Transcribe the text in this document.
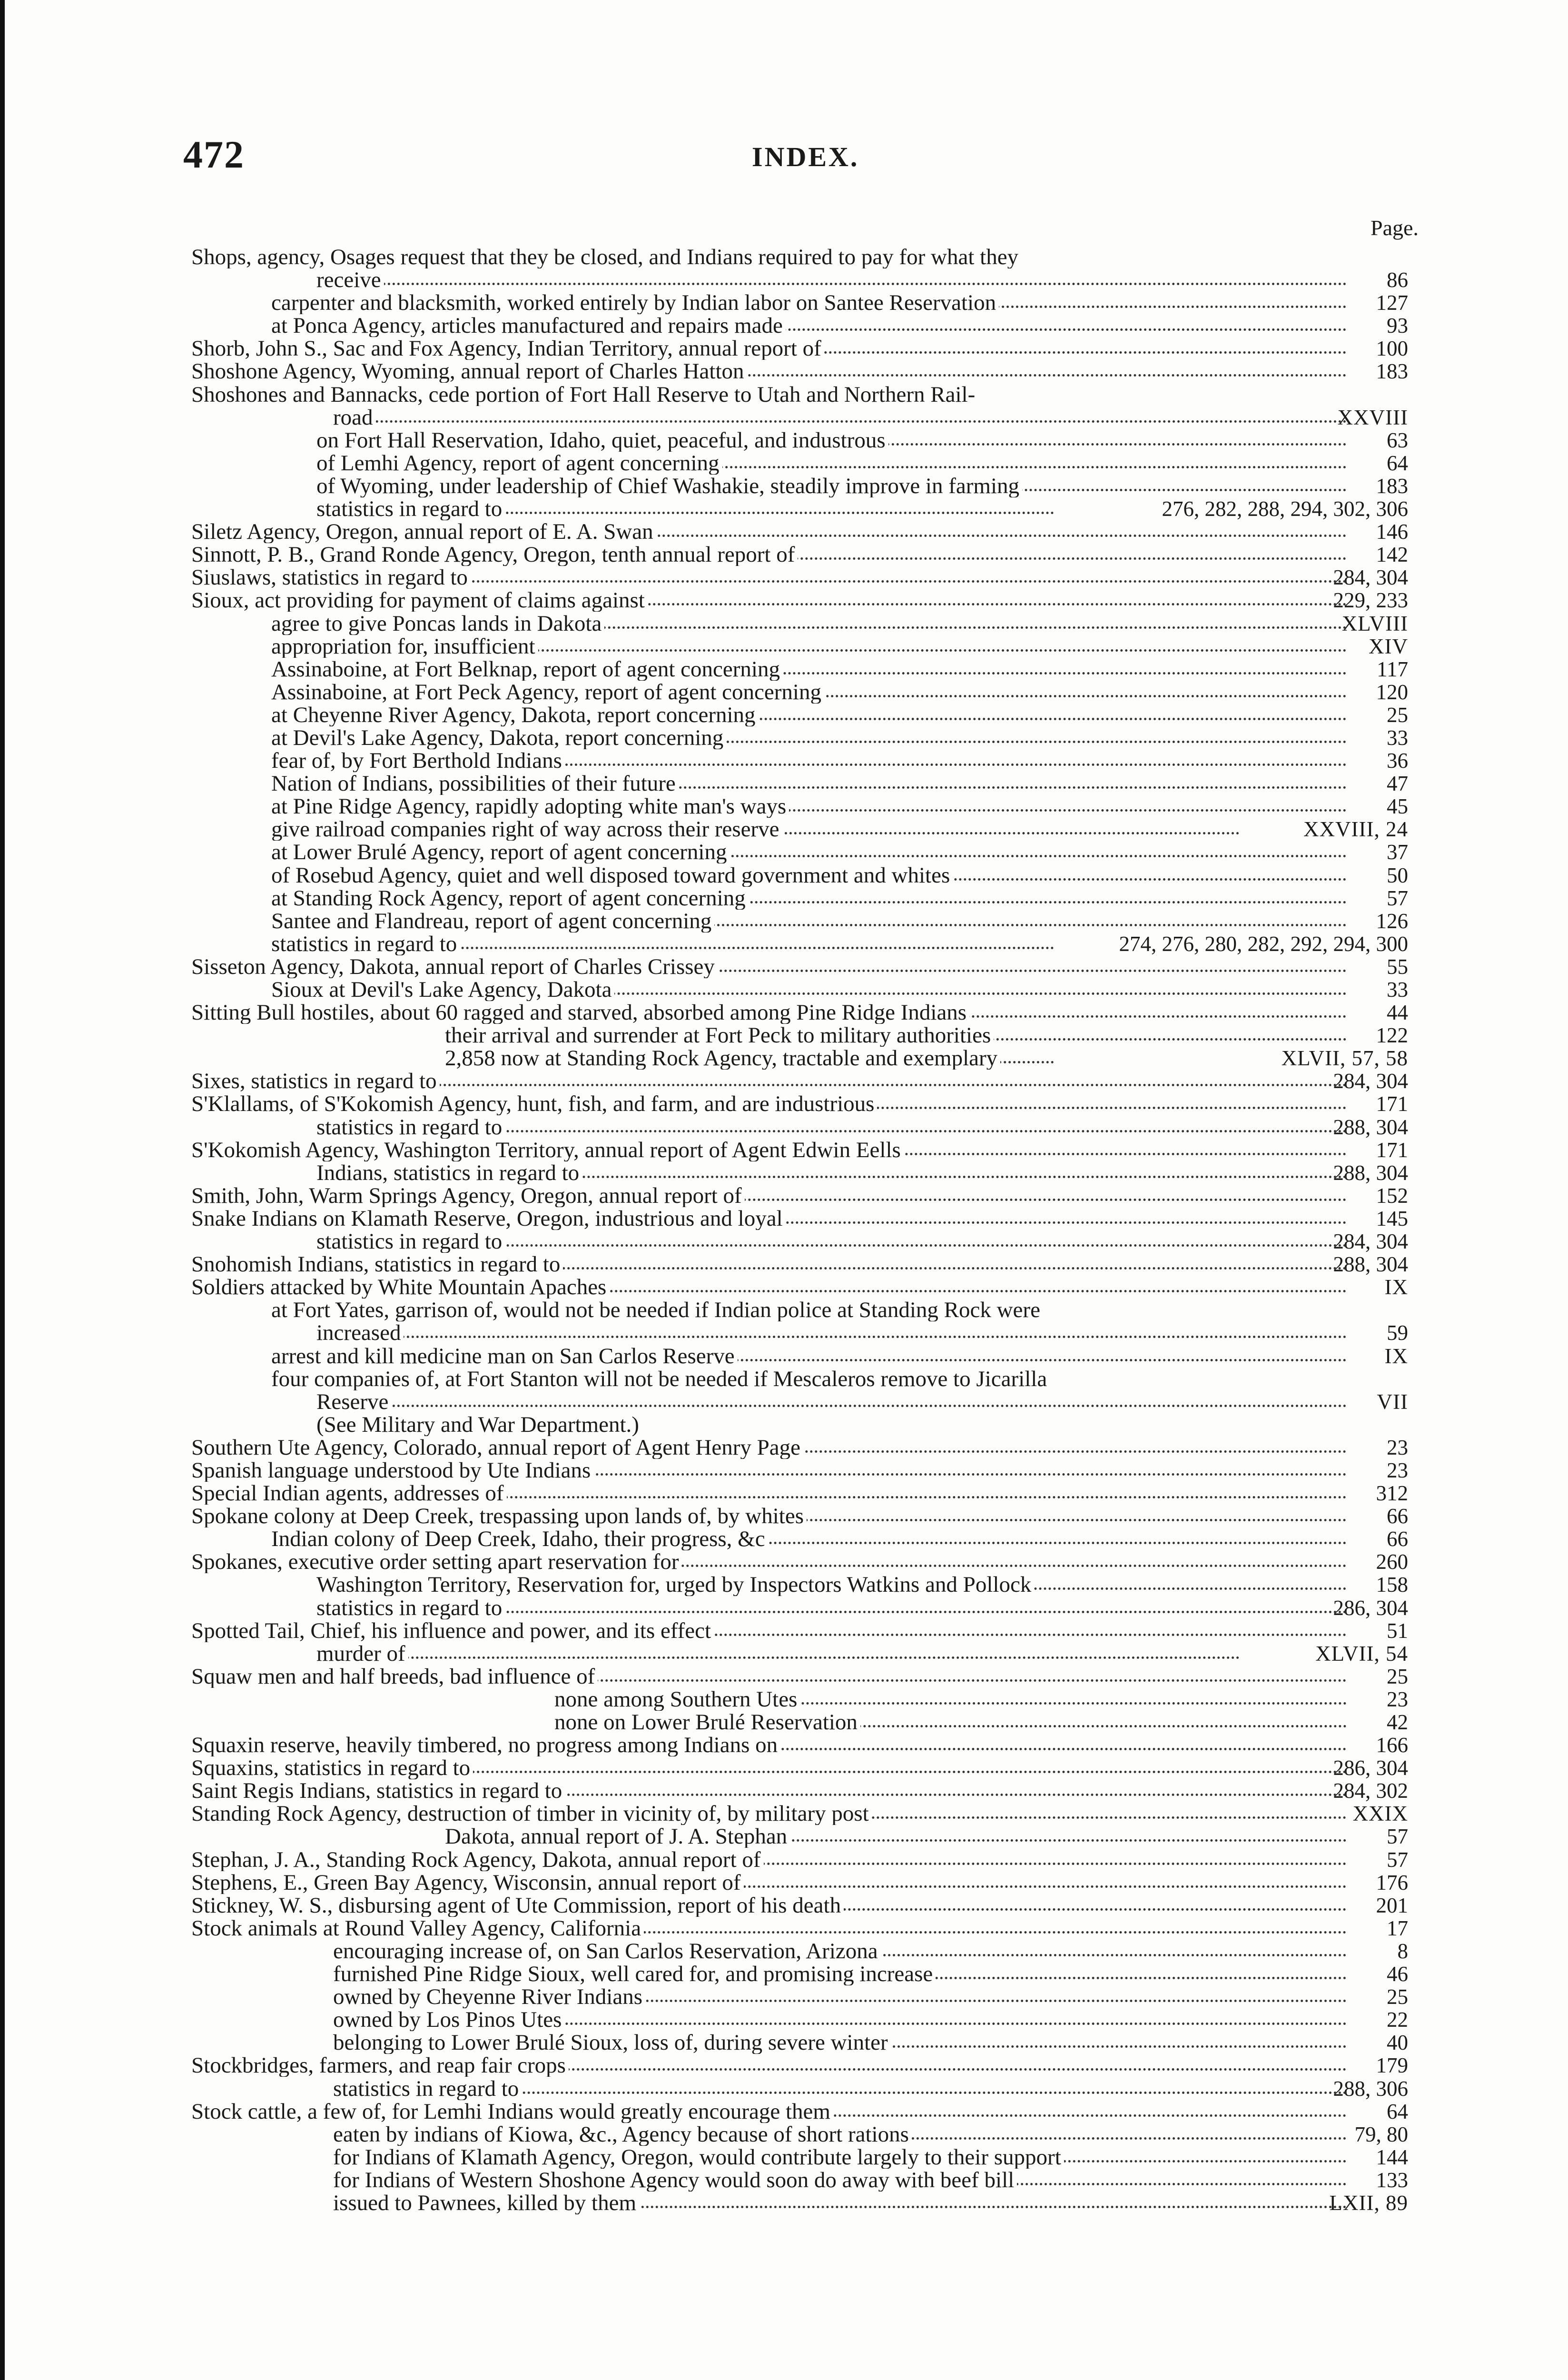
472	INDEX.
Page.
Shops, agency, Osages request that they be closed, and Indians required to pay for what they
receive	86
carpenter and blacksmith, worked entirely by Indian labor on Santee Reservation	127
at Ponca Agency, articles manufactured and repairs made	93
Shorb, John S., Sac and Fox Agency, Indian Territory, annual report of	100
Shoshone Agency, Wyoming, annual report of Charles Hatton	183
Shoshones and Bannacks, cede portion of Fort Hall Reserve to Utah and Northern Rail-
road	XXVIII
on Fort Hall Reservation, Idaho, quiet, peaceful, and industrous	63
of Lemhi Agency, report of agent concerning	64
of Wyoming, under leadership of Chief Washakie, steadily improve in farming	183
statistics in regard to	276, 282, 288, 294, 302, 306
Siletz Agency, Oregon, annual report of E. A. Swan	146
Sinnott, P. B., Grand Ronde Agency, Oregon, tenth annual report of	142
Siuslaws, statistics in regard to	284, 304
Sioux, act providing for payment of claims against	229, 233
agree to give Poncas lands in Dakota	XLVIII
appropriation for, insufficient	XIV
Assinaboine, at Fort Belknap, report of agent concerning	117
Assinaboine, at Fort Peck Agency, report of agent concerning	120
at Cheyenne River Agency, Dakota, report concerning	25
at Devil's Lake Agency, Dakota, report concerning	33
fear of, by Fort Berthold Indians	36
Nation of Indians, possibilities of their future	47
at Pine Ridge Agency, rapidly adopting white man's ways	45
give railroad companies right of way across their reserve	XXVIII, 24
at Lower Brulé Agency, report of agent concerning	37
of Rosebud Agency, quiet and well disposed toward government and whites	50
at Standing Rock Agency, report of agent concerning	57
Santee and Flandreau, report of agent concerning	126
statistics in regard to	274, 276, 280, 282, 292, 294, 300
Sisseton Agency, Dakota, annual report of Charles Crissey	55
Sioux at Devil's Lake Agency, Dakota	33
Sitting Bull hostiles, about 60 ragged and starved, absorbed among Pine Ridge Indians	44
their arrival and surrender at Fort Peck to military authorities	122
2,858 now at Standing Rock Agency, tractable and exemplary	XLVII, 57, 58
Sixes, statistics in regard to	284, 304
S'Klallams, of S'Kokomish Agency, hunt, fish, and farm, and are industrious	171
statistics in regard to	288, 304
S'Kokomish Agency, Washington Territory, annual report of Agent Edwin Eells	171
Indians, statistics in regard to	288, 304
Smith, John, Warm Springs Agency, Oregon, annual report of	152
Snake Indians on Klamath Reserve, Oregon, industrious and loyal	145
statistics in regard to	284, 304
Snohomish Indians, statistics in regard to	288, 304
Soldiers attacked by White Mountain Apaches	IX
at Fort Yates, garrison of, would not be needed if Indian police at Standing Rock were
increased	59
arrest and kill medicine man on San Carlos Reserve	IX
four companies of, at Fort Stanton will not be needed if Mescaleros remove to Jicarilla
Reserve	VII
(See Military and War Department.)
Southern Ute Agency, Colorado, annual report of Agent Henry Page	23
Spanish language understood by Ute Indians	23
Special Indian agents, addresses of	312
Spokane colony at Deep Creek, trespassing upon lands of, by whites	66
Indian colony of Deep Creek, Idaho, their progress, &c	66
Spokanes, executive order setting apart reservation for	260
Washington Territory, Reservation for, urged by Inspectors Watkins and Pollock	158
statistics in regard to	286, 304
Spotted Tail, Chief, his influence and power, and its effect	51
murder of	XLVII, 54
Squaw men and half breeds, bad influence of	25
none among Southern Utes	23
none on Lower Brulé Reservation	42
Squaxin reserve, heavily timbered, no progress among Indians on	166
Squaxins, statistics in regard to	286, 304
Saint Regis Indians, statistics in regard to	284, 302
Standing Rock Agency, destruction of timber in vicinity of, by military post	XXIX
Dakota, annual report of J. A. Stephan	57
Stephan, J. A., Standing Rock Agency, Dakota, annual report of	57
Stephens, E., Green Bay Agency, Wisconsin, annual report of	176
Stickney, W. S., disbursing agent of Ute Commission, report of his death	201
Stock animals at Round Valley Agency, California	17
encouraging increase of, on San Carlos Reservation, Arizona	8
furnished Pine Ridge Sioux, well cared for, and promising increase	46
owned by Cheyenne River Indians	25
owned by Los Pinos Utes	22
belonging to Lower Brulé Sioux, loss of, during severe winter	40
Stockbridges, farmers, and reap fair crops	179
statistics in regard to	288, 306
Stock cattle, a few of, for Lemhi Indians would greatly encourage them	64
eaten by indians of Kiowa, &c., Agency because of short rations	79, 80
for Indians of Klamath Agency, Oregon, would contribute largely to their support	144
for Indians of Western Shoshone Agency would soon do away with beef bill	133
issued to Pawnees, killed by them	LXII, 89
